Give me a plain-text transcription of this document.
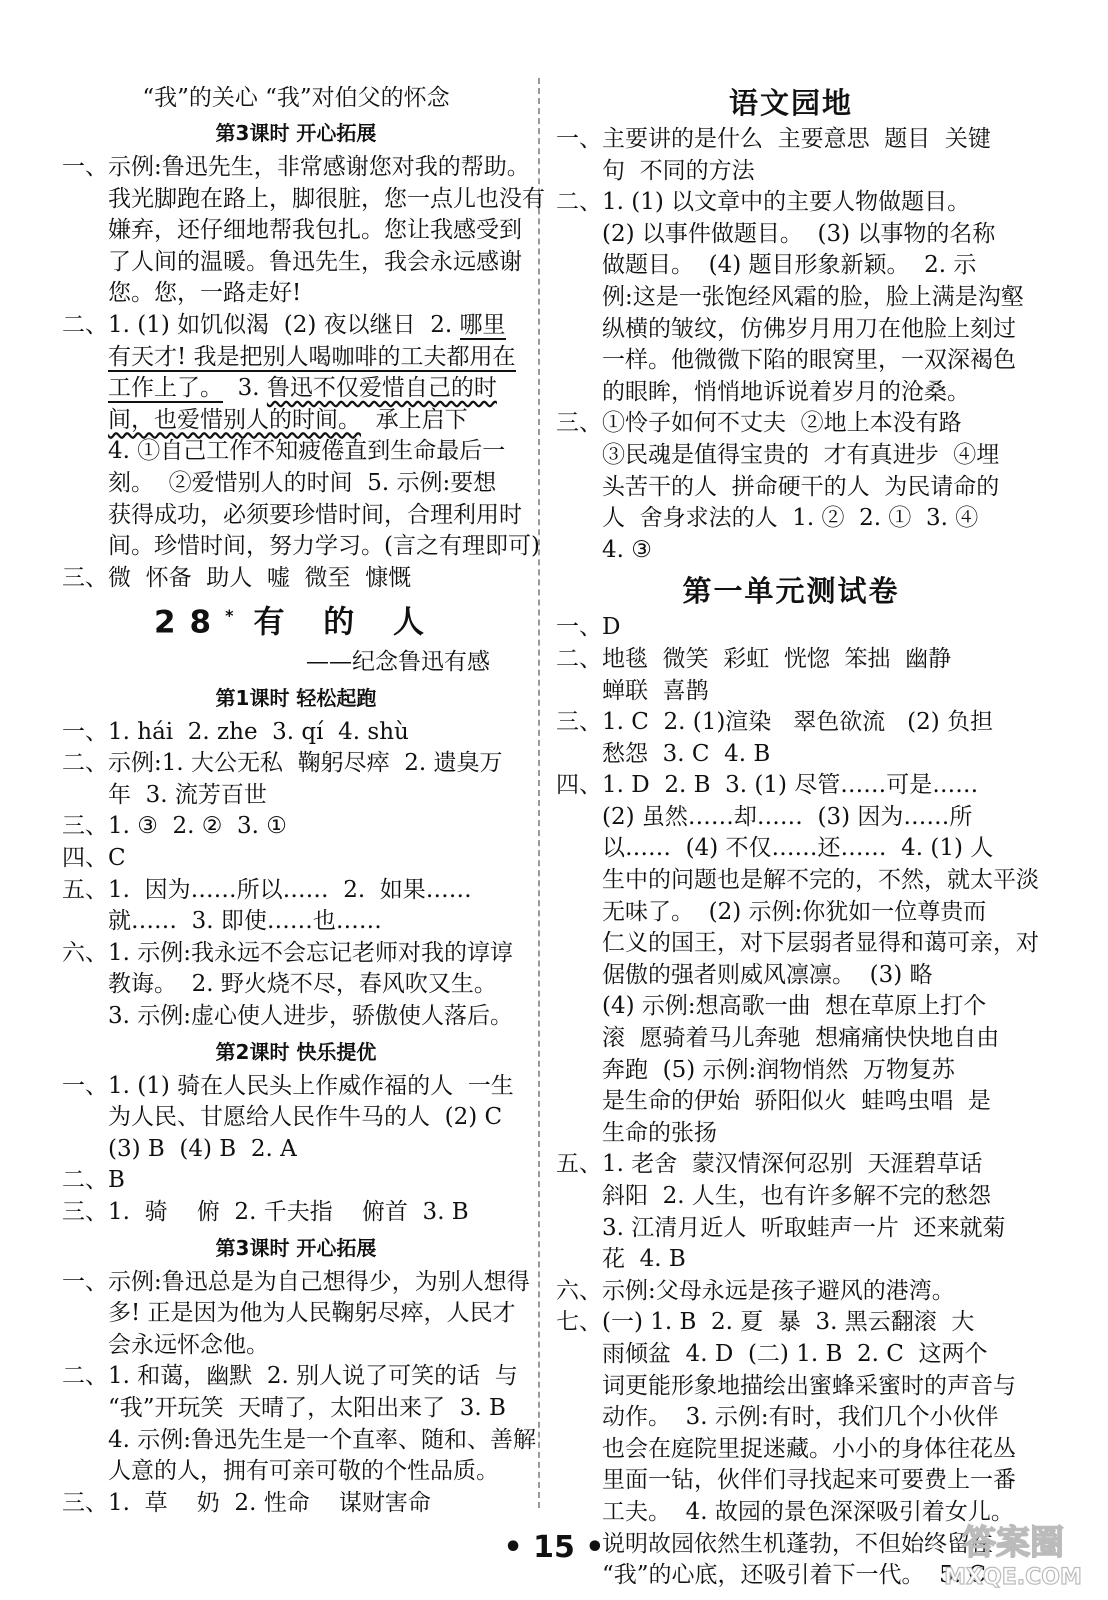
“我”的关心 “我”对伯父的怀念
第3课时 开心拓展
一、示例:鲁迅先生，非常感谢您对我的帮助。
我光脚跑在路上，脚很脏，您一点儿也没有
嫌弃，还仔细地帮我包扎。您让我感受到
了人间的温暖。鲁迅先生，我会永远感谢
您。您，一路走好!
二、1. (1) 如饥似渴  (2) 夜以继日  2. 哪里
有天才! 我是把别人喝咖啡的工夫都用在
工作上了。  3. 鲁迅不仅爱惜自己的时
间，也爱惜别人的时间。  承上启下
4. ①自己工作不知疲倦直到生命最后一
刻。  ②爱惜别人的时间  5. 示例:要想
获得成功，必须要珍惜时间，合理利用时
间。珍惜时间，努力学习。(言之有理即可)
三、微  怀备  助人  嘘  微至  慷慨
28* 有 的 人
——纪念鲁迅有感
第1课时 轻松起跑
一、1. hái  2. zhe  3. qí  4. shù
二、示例:1. 大公无私  鞠躬尽瘁  2. 遗臭万
年  3. 流芳百世
三、1. ③  2. ②  3. ①
四、C
五、1.  因为……所以……  2.  如果……
就……  3. 即使……也……
六、1. 示例:我永远不会忘记老师对我的谆谆
教诲。  2. 野火烧不尽，春风吹又生。
3. 示例:虚心使人进步，骄傲使人落后。
第2课时 快乐提优
一、1. (1) 骑在人民头上作威作福的人  一生
为人民、甘愿给人民作牛马的人  (2) C
(3) B  (4) B  2. A
二、B
三、1.  骑    俯  2. 千夫指    俯首  3. B
第3课时 开心拓展
一、示例:鲁迅总是为自己想得少，为别人想得
多! 正是因为他为人民鞠躬尽瘁，人民才
会永远怀念他。
二、1. 和蔼，幽默  2. 别人说了可笑的话  与
“我”开玩笑  天晴了，太阳出来了  3. B
4. 示例:鲁迅先生是一个直率、随和、善解
人意的人，拥有可亲可敬的个性品质。
三、1.  草    奶  2. 性命    谋财害命
语文园地
一、主要讲的是什么  主要意思  题目  关键
句  不同的方法
二、1. (1) 以文章中的主要人物做题目。
(2) 以事件做题目。  (3) 以事物的名称
做题目。  (4) 题目形象新颖。  2. 示
例:这是一张饱经风霜的脸，脸上满是沟壑
纵横的皱纹，仿佛岁月用刀在他脸上刻过
一样。他微微下陷的眼窝里，一双深褐色
的眼眸，悄悄地诉说着岁月的沧桑。
三、①怜子如何不丈夫  ②地上本没有路
③民魂是值得宝贵的  才有真进步  ④埋
头苦干的人  拼命硬干的人  为民请命的
人  舍身求法的人  1. ②  2. ①  3. ④
4. ③
第一单元测试卷
一、D
二、地毯  微笑  彩虹  恍惚  笨拙  幽静
蝉联  喜鹊
三、1. C  2. (1)渲染   翠色欲流   (2) 负担
愁怨  3. C  4. B
四、1. D  2. B  3. (1) 尽管……可是……
(2) 虽然……却……  (3) 因为……所
以……  (4) 不仅……还……  4. (1) 人
生中的问题也是解不完的，不然，就太平淡
无味了。  (2) 示例:你犹如一位尊贵而
仁义的国王，对下层弱者显得和蔼可亲，对
倨傲的强者则威风凛凛。  (3) 略
(4) 示例:想高歌一曲  想在草原上打个
滚  愿骑着马儿奔驰  想痛痛快快地自由
奔跑  (5) 示例:润物悄然  万物复苏
是生命的伊始  骄阳似火  蛙鸣虫唱  是
生命的张扬
五、1. 老舍  蒙汉情深何忍别  天涯碧草话
斜阳  2. 人生，也有许多解不完的愁怨
3. 江清月近人  听取蛙声一片  还来就菊
花  4. B
六、示例:父母永远是孩子避风的港湾。
七、(一) 1. B  2. 夏  暴  3. 黑云翻滚  大
雨倾盆  4. D  (二) 1. B  2. C  这两个
词更能形象地描绘出蜜蜂采蜜时的声音与
动作。  3. 示例:有时，我们几个小伙伴
也会在庭院里捉迷藏。小小的身体往花丛
里面一钻，伙伴们寻找起来可要费上一番
工夫。  4. 故园的景色深深吸引着女儿。
说明故园依然生机蓬勃，不但始终留在
“我”的心底，还吸引着下一代。  5. C
• 15 •	答案圈
MXQE.COM
